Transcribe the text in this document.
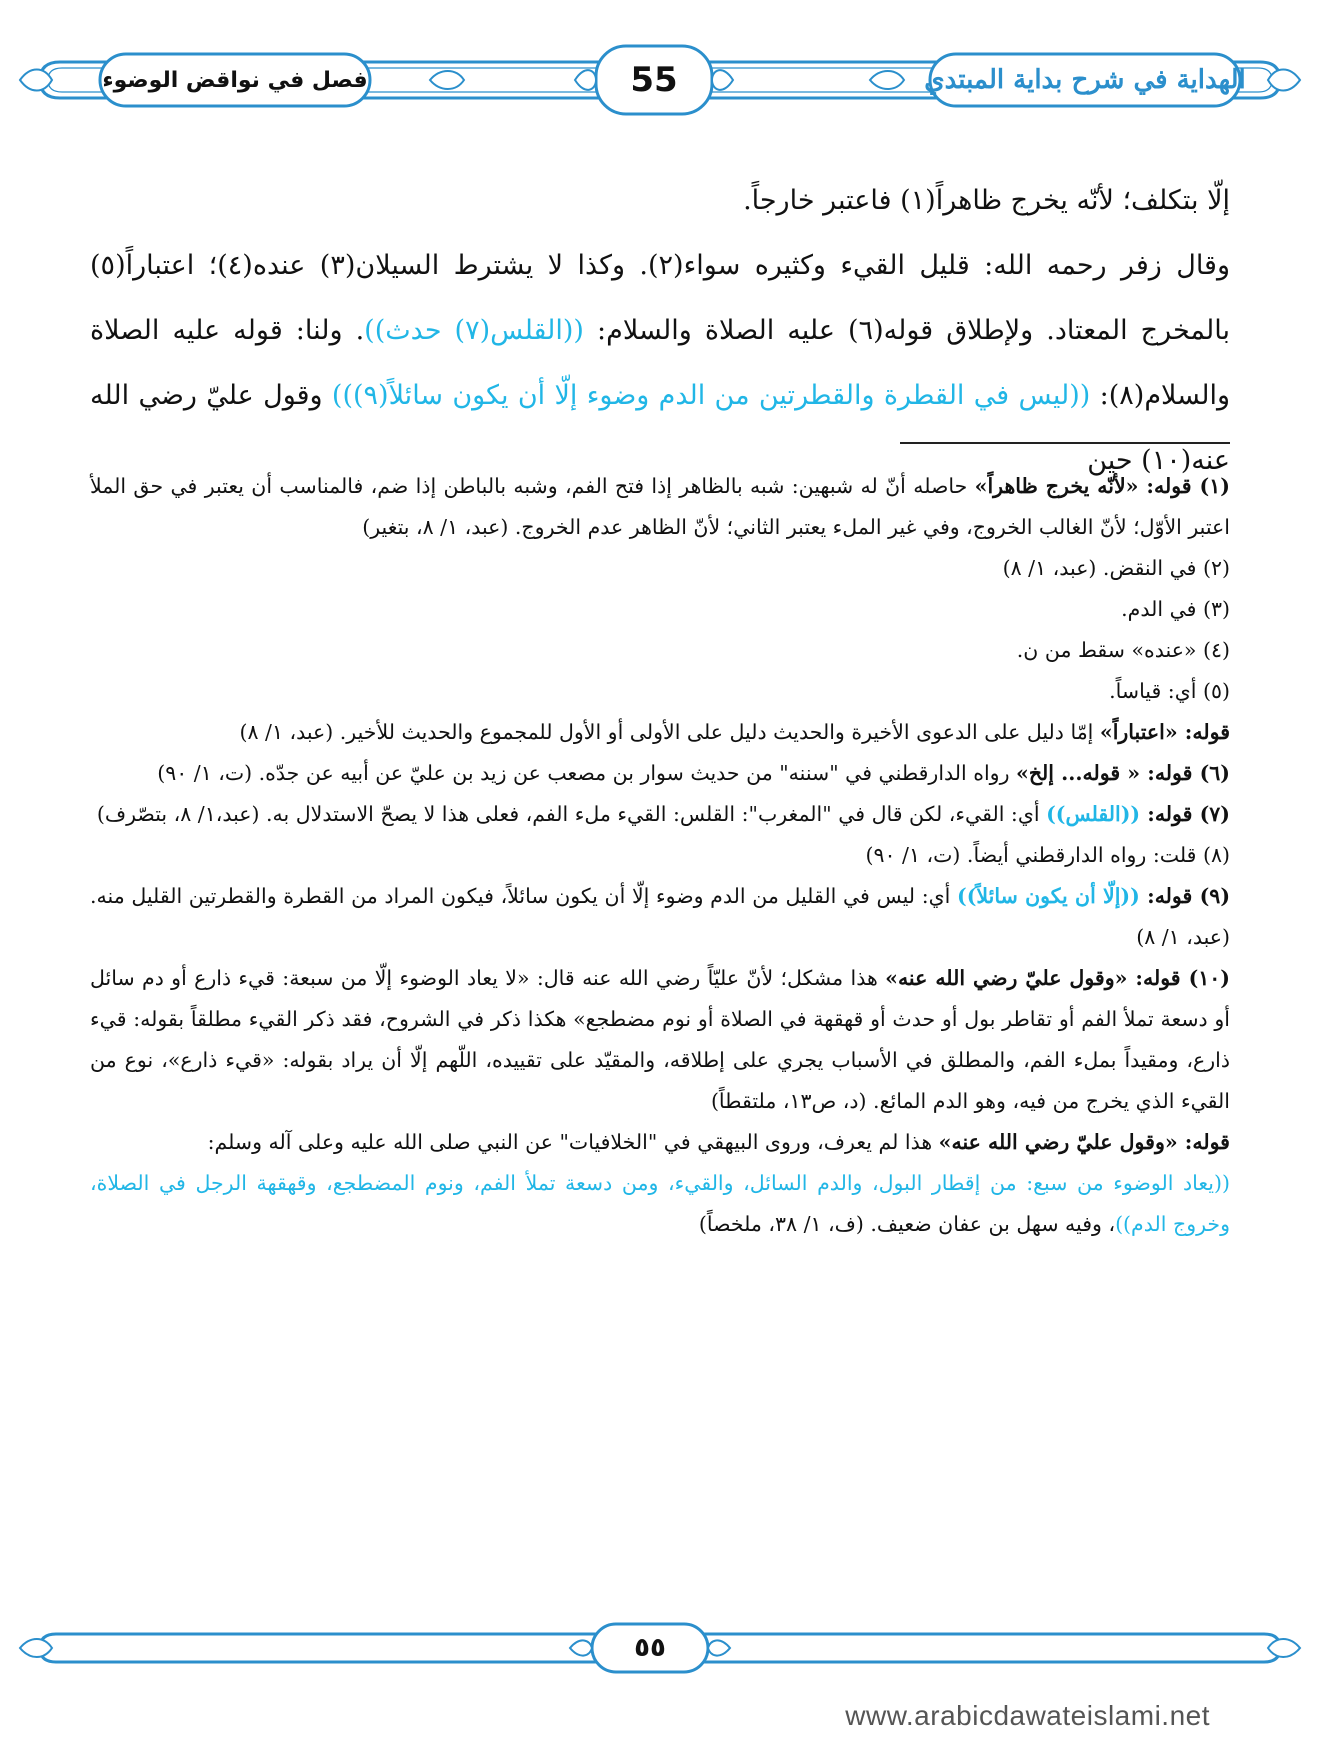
الهداية في شرح بداية المبتدي
55
فصل في نواقض الوضوء

إلّا بتكلف؛ لأنّه يخرج ظاهراً(١) فاعتبر خارجاً.

وقال زفر رحمه الله: قليل القيء وكثيره سواء(٢). وكذا لا يشترط السيلان(٣) عنده(٤)؛ اعتباراً(٥) بالمخرج المعتاد. ولإطلاق قوله(٦) عليه الصلاة والسلام: ((القلس(٧) حدث)). ولنا: قوله عليه الصلاة والسلام(٨): ((ليس في القطرة والقطرتين من الدم وضوء إلّا أن يكون سائلاً(٩))) وقول عليّ رضي الله عنه(١٠) حين

(١) قوله: «لأنّه يخرج ظاهراً» حاصله أنّ له شبهين: شبه بالظاهر إذا فتح الفم، وشبه بالباطن إذا ضم، فالمناسب أن يعتبر في حق الملأ اعتبر الأوّل؛ لأنّ الغالب الخروج، وفي غير الملء يعتبر الثاني؛ لأنّ الظاهر عدم الخروج. (عبد، ١/ ٨، بتغير)

(٢) في النقض. (عبد، ١/ ٨)

(٣) في الدم.

(٤) «عنده» سقط من ن.

(٥) أي: قياساً.

قوله: «اعتباراً» إمّا دليل على الدعوى الأخيرة والحديث دليل على الأولى أو الأول للمجموع والحديث للأخير. (عبد، ١/ ٨)

(٦) قوله: « قوله... إلخ» رواه الدارقطني في "سننه" من حديث سوار بن مصعب عن زيد بن عليّ عن أبيه عن جدّه. (ت، ١/ ٩٠)

(٧) قوله: ((القلس)) أي: القيء، لكن قال في "المغرب": القلس: القيء ملء الفم، فعلى هذا لا يصحّ الاستدلال به. (عبد،١/ ٨، بتصّرف)

(٨) قلت: رواه الدارقطني أيضاً. (ت، ١/ ٩٠)

(٩) قوله: ((إلّا أن يكون سائلاً)) أي: ليس في القليل من الدم وضوء إلّا أن يكون سائلاً، فيكون المراد من القطرة والقطرتين القليل منه. (عبد، ١/ ٨)

(١٠) قوله: «وقول عليّ رضي الله عنه» هذا مشكل؛ لأنّ عليّاً رضي الله عنه قال: «لا يعاد الوضوء إلّا من سبعة: قيء ذارع أو دم سائل أو دسعة تملأ الفم أو تقاطر بول أو حدث أو قهقهة في الصلاة أو نوم مضطجع» هكذا ذكر في الشروح، فقد ذكر القيء مطلقاً بقوله: قيء ذارع، ومقيداً بملء الفم، والمطلق في الأسباب يجري على إطلاقه، والمقيّد على تقييده، اللّهم إلّا أن يراد بقوله: «قيء ذارع»، نوع من القيء الذي يخرج من فيه، وهو الدم المائع. (د، ص١٣، ملتقطاً)

قوله: «وقول عليّ رضي الله عنه» هذا لم يعرف، وروى البيهقي في "الخلافيات" عن النبي صلى الله عليه وعلى آله وسلم:

((يعاد الوضوء من سبع: من إقطار البول، والدم السائل، والقيء، ومن دسعة تملأ الفم، ونوم المضطجع، وقهقهة الرجل في الصلاة، وخروج الدم))، وفيه سهل بن عفان ضعيف. (ف، ١/ ٣٨، ملخصاً)

٥٥
www.arabicdawateislami.net
